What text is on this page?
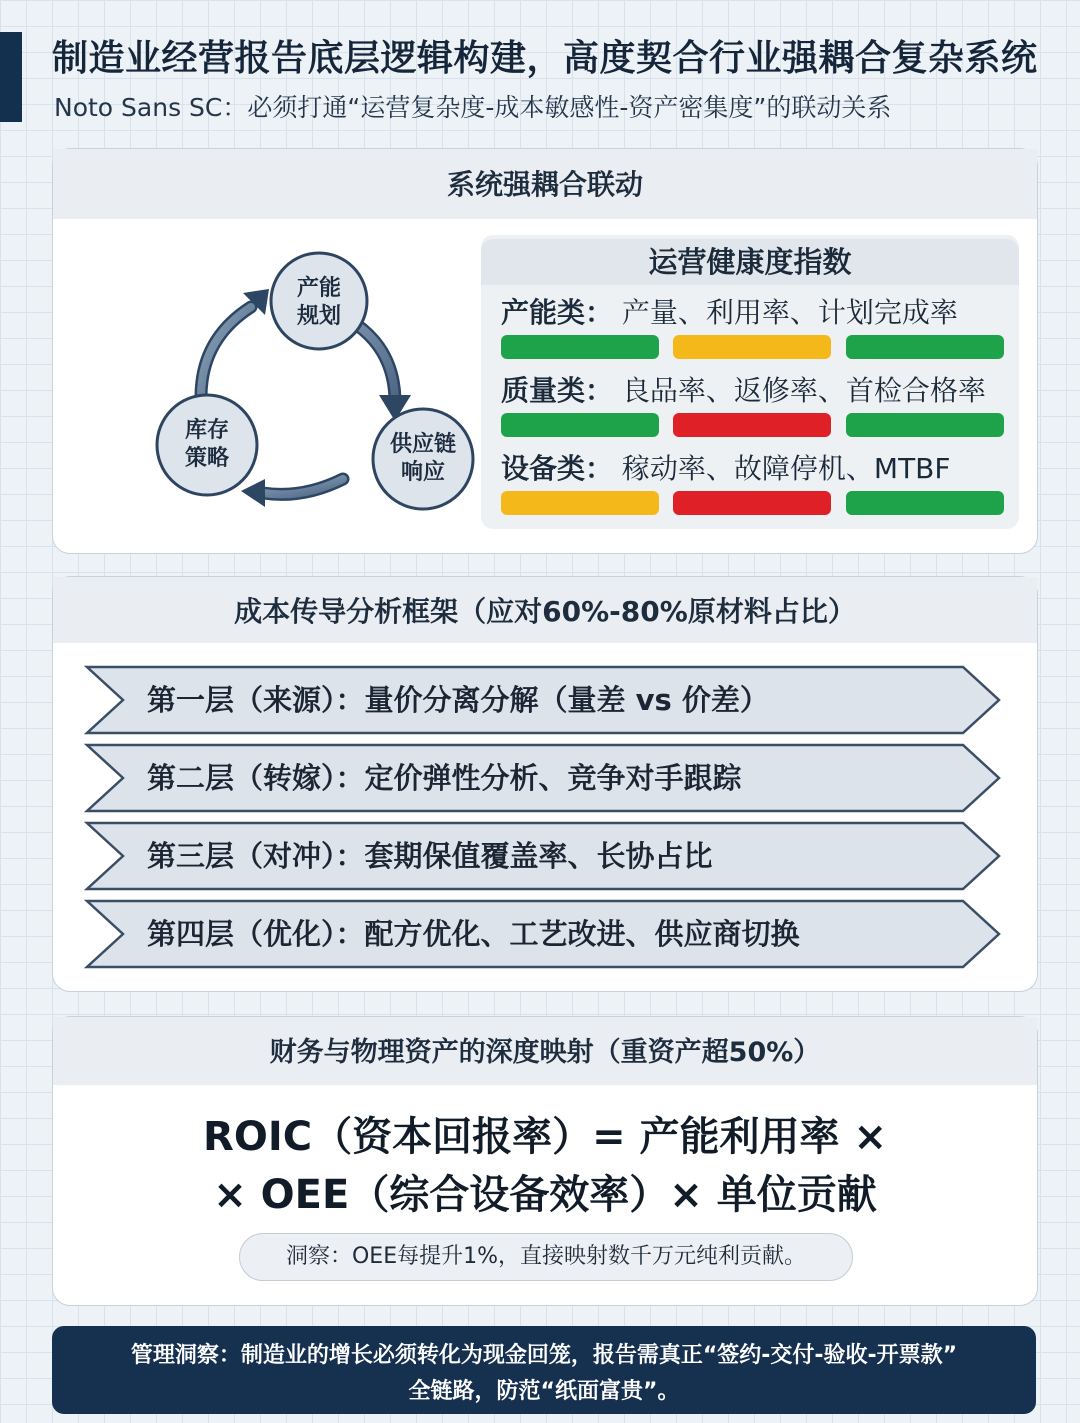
制造业经营报告底层逻辑构建，高度契合行业强耦合复杂系统
Noto Sans SC：必须打通“运营复杂度-成本敏感性-资产密集度”的联动关系
系统强耦合联动
产能
规划
供应链
响应
库存
策略
运营健康度指数
产能类： 产量、利用率、计划完成率
质量类： 良品率、返修率、首检合格率
设备类： 稼动率、故障停机、MTBF
成本传导分析框架（应对60%-80%原材料占比）
第一层（来源）：量价分离分解（量差 vs 价差）
第二层（转嫁）：定价弹性分析、竞争对手跟踪
第三层（对冲）：套期保值覆盖率、长协占比
第四层（优化）：配方优化、工艺改进、供应商切换
财务与物理资产的深度映射（重资产超50%）
ROIC（资本回报率）= 产能利用率 ×
× OEE（综合设备效率）× 单位贡献
洞察：OEE每提升1%，直接映射数千万元纯利贡献。
管理洞察：制造业的增长必须转化为现金回笼，报告需真正“签约-交付-验收-开票款”
全链路，防范“纸面富贵”。
